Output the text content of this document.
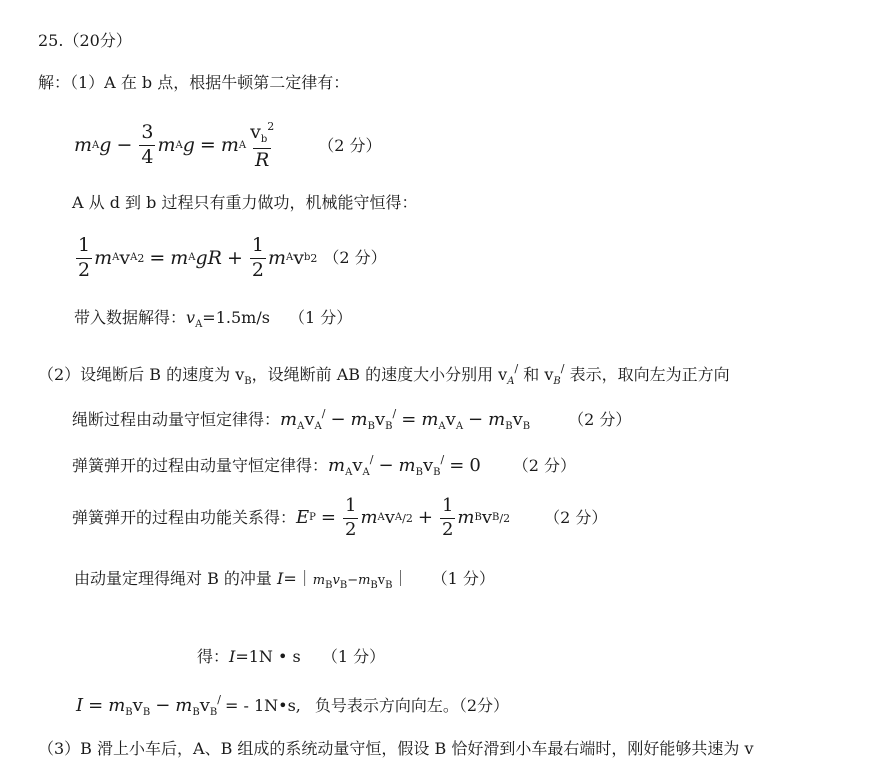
25.（20分）
解：（1）A 在 b 点，根据牛顿第二定律有：
m A $g - \frac{3}{4}$ m A g = m A $\frac{v_b^2}{R}$	（2 分）
A 从 d 到 b 过程只有重力做功，机械能守恒得：
$\frac{1}{2}$ m A v A 2 = m A gR + $\frac{1}{2}$ m A v b 2 （2 分）
带入数据解得：$v_A=1.5m/s$ （1 分）
（2）设绳断后 B 的速度为 $v_B$，设绳断前 AB 的速度大小分别用 $v_A^/$ 和 $v_B^/$ 表示，取向左为正方向
绳断过程由动量守恒定律得： $m_Av_A^/ - m_Bv_B^/ = m_Av_A - m_Bv_B$ （2 分）
弹簧弹开的过程由动量守恒定律得： $m_Av_A^/ - m_Bv_B^/ = 0$ （2 分）
弹簧弹开的过程由功能关系得： E $P = \frac{1}{2}$ m A v A $/2 + \frac{1}{2}$ m B v B /2 （2 分）
由动量定理得绳对 B 的冲量 $I=|m_Bv_B-m_Bv_B|$ （1 分）
得：I=1N • s （1 分）
$I = m_Bv_B - m_Bv_B^/$ = - 1N•s, 负号表示方向向左。（2分）
（3）B 滑上小车后，A、B 组成的系统动量守恒，假设 B 恰好滑到小车最右端时，刚好能够共速为 v
